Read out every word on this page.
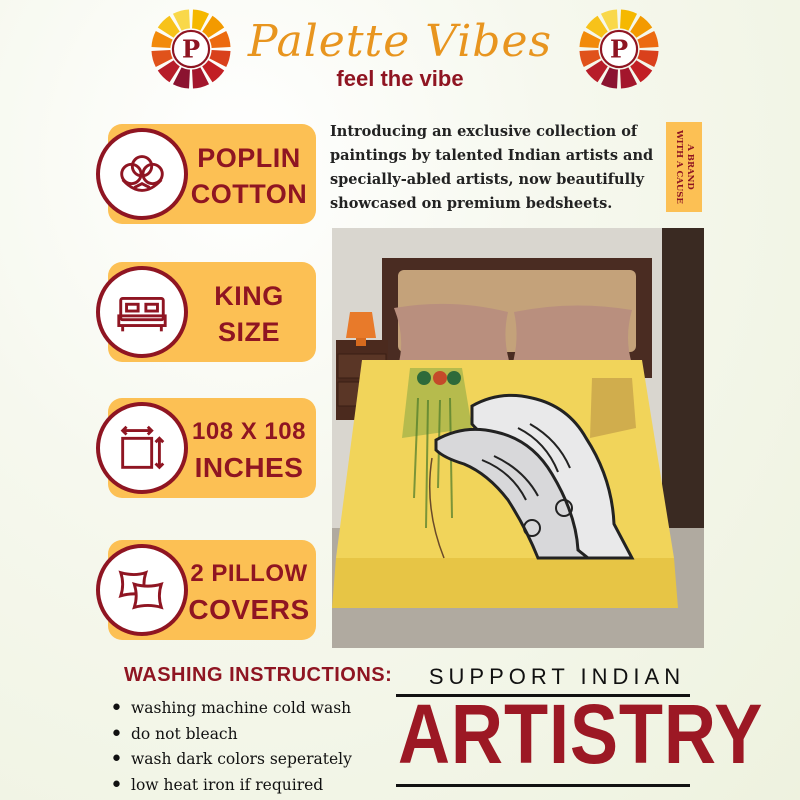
P	P
Palette Vibes
feel the vibe
POPLIN
COTTON
KING
SIZE
108 X 108
INCHES
2 PILLOW
COVERS
Introducing an exclusive collection of paintings by talented Indian artists and specially-abled artists, now beautifully showcased on premium bedsheets.
A BRAND
WITH A CAUSE
WASHING INSTRUCTIONS:
• washing machine cold wash
• do not bleach
• wash dark colors seperately
• low heat iron if required
SUPPORT INDIAN
ARTISTRY
